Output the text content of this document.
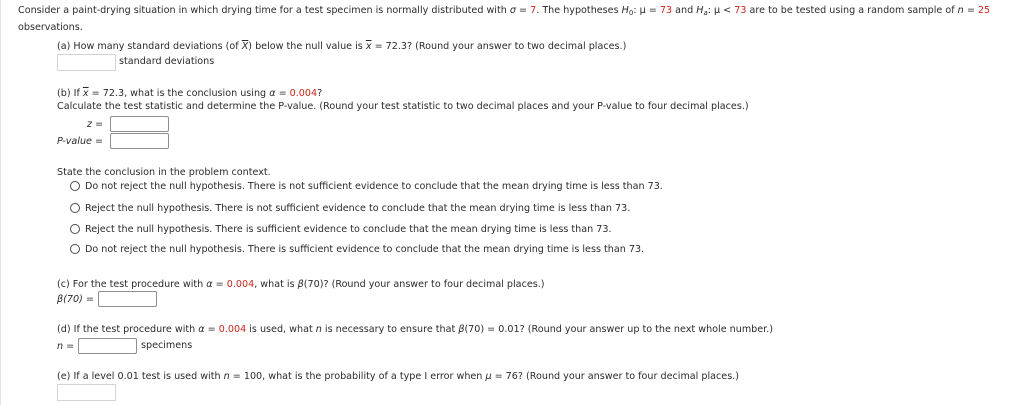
Consider a paint-drying situation in which drying time for a test specimen is normally distributed with σ = 7. The hypotheses $H_0$: μ = 73 and $H_a$: μ < 73 are to be tested using a random sample of n = 25
observations.
(a) How many standard deviations (of $\overline{X}$) below the null value is $\overline{x} = 72.3$? (Round your answer to two decimal places.)
standard deviations
(b) If $\overline{x} = 72.3$, what is the conclusion using α = 0.004?
Calculate the test statistic and determine the P-value. (Round your test statistic to two decimal places and your P-value to four decimal places.)
z =
P-value =
State the conclusion in the problem context.
Do not reject the null hypothesis. There is not sufficient evidence to conclude that the mean drying time is less than 73.
Reject the null hypothesis. There is not sufficient evidence to conclude that the mean drying time is less than 73.
Reject the null hypothesis. There is sufficient evidence to conclude that the mean drying time is less than 73.
Do not reject the null hypothesis. There is sufficient evidence to conclude that the mean drying time is less than 73.
(c) For the test procedure with α = 0.004, what is β(70)? (Round your answer to four decimal places.)
β(70) =
(d) If the test procedure with α = 0.004 is used, what n is necessary to ensure that β(70) = 0.01? (Round your answer up to the next whole number.)
n =	specimens
(e) If a level 0.01 test is used with n = 100, what is the probability of a type I error when μ = 76? (Round your answer to four decimal places.)
